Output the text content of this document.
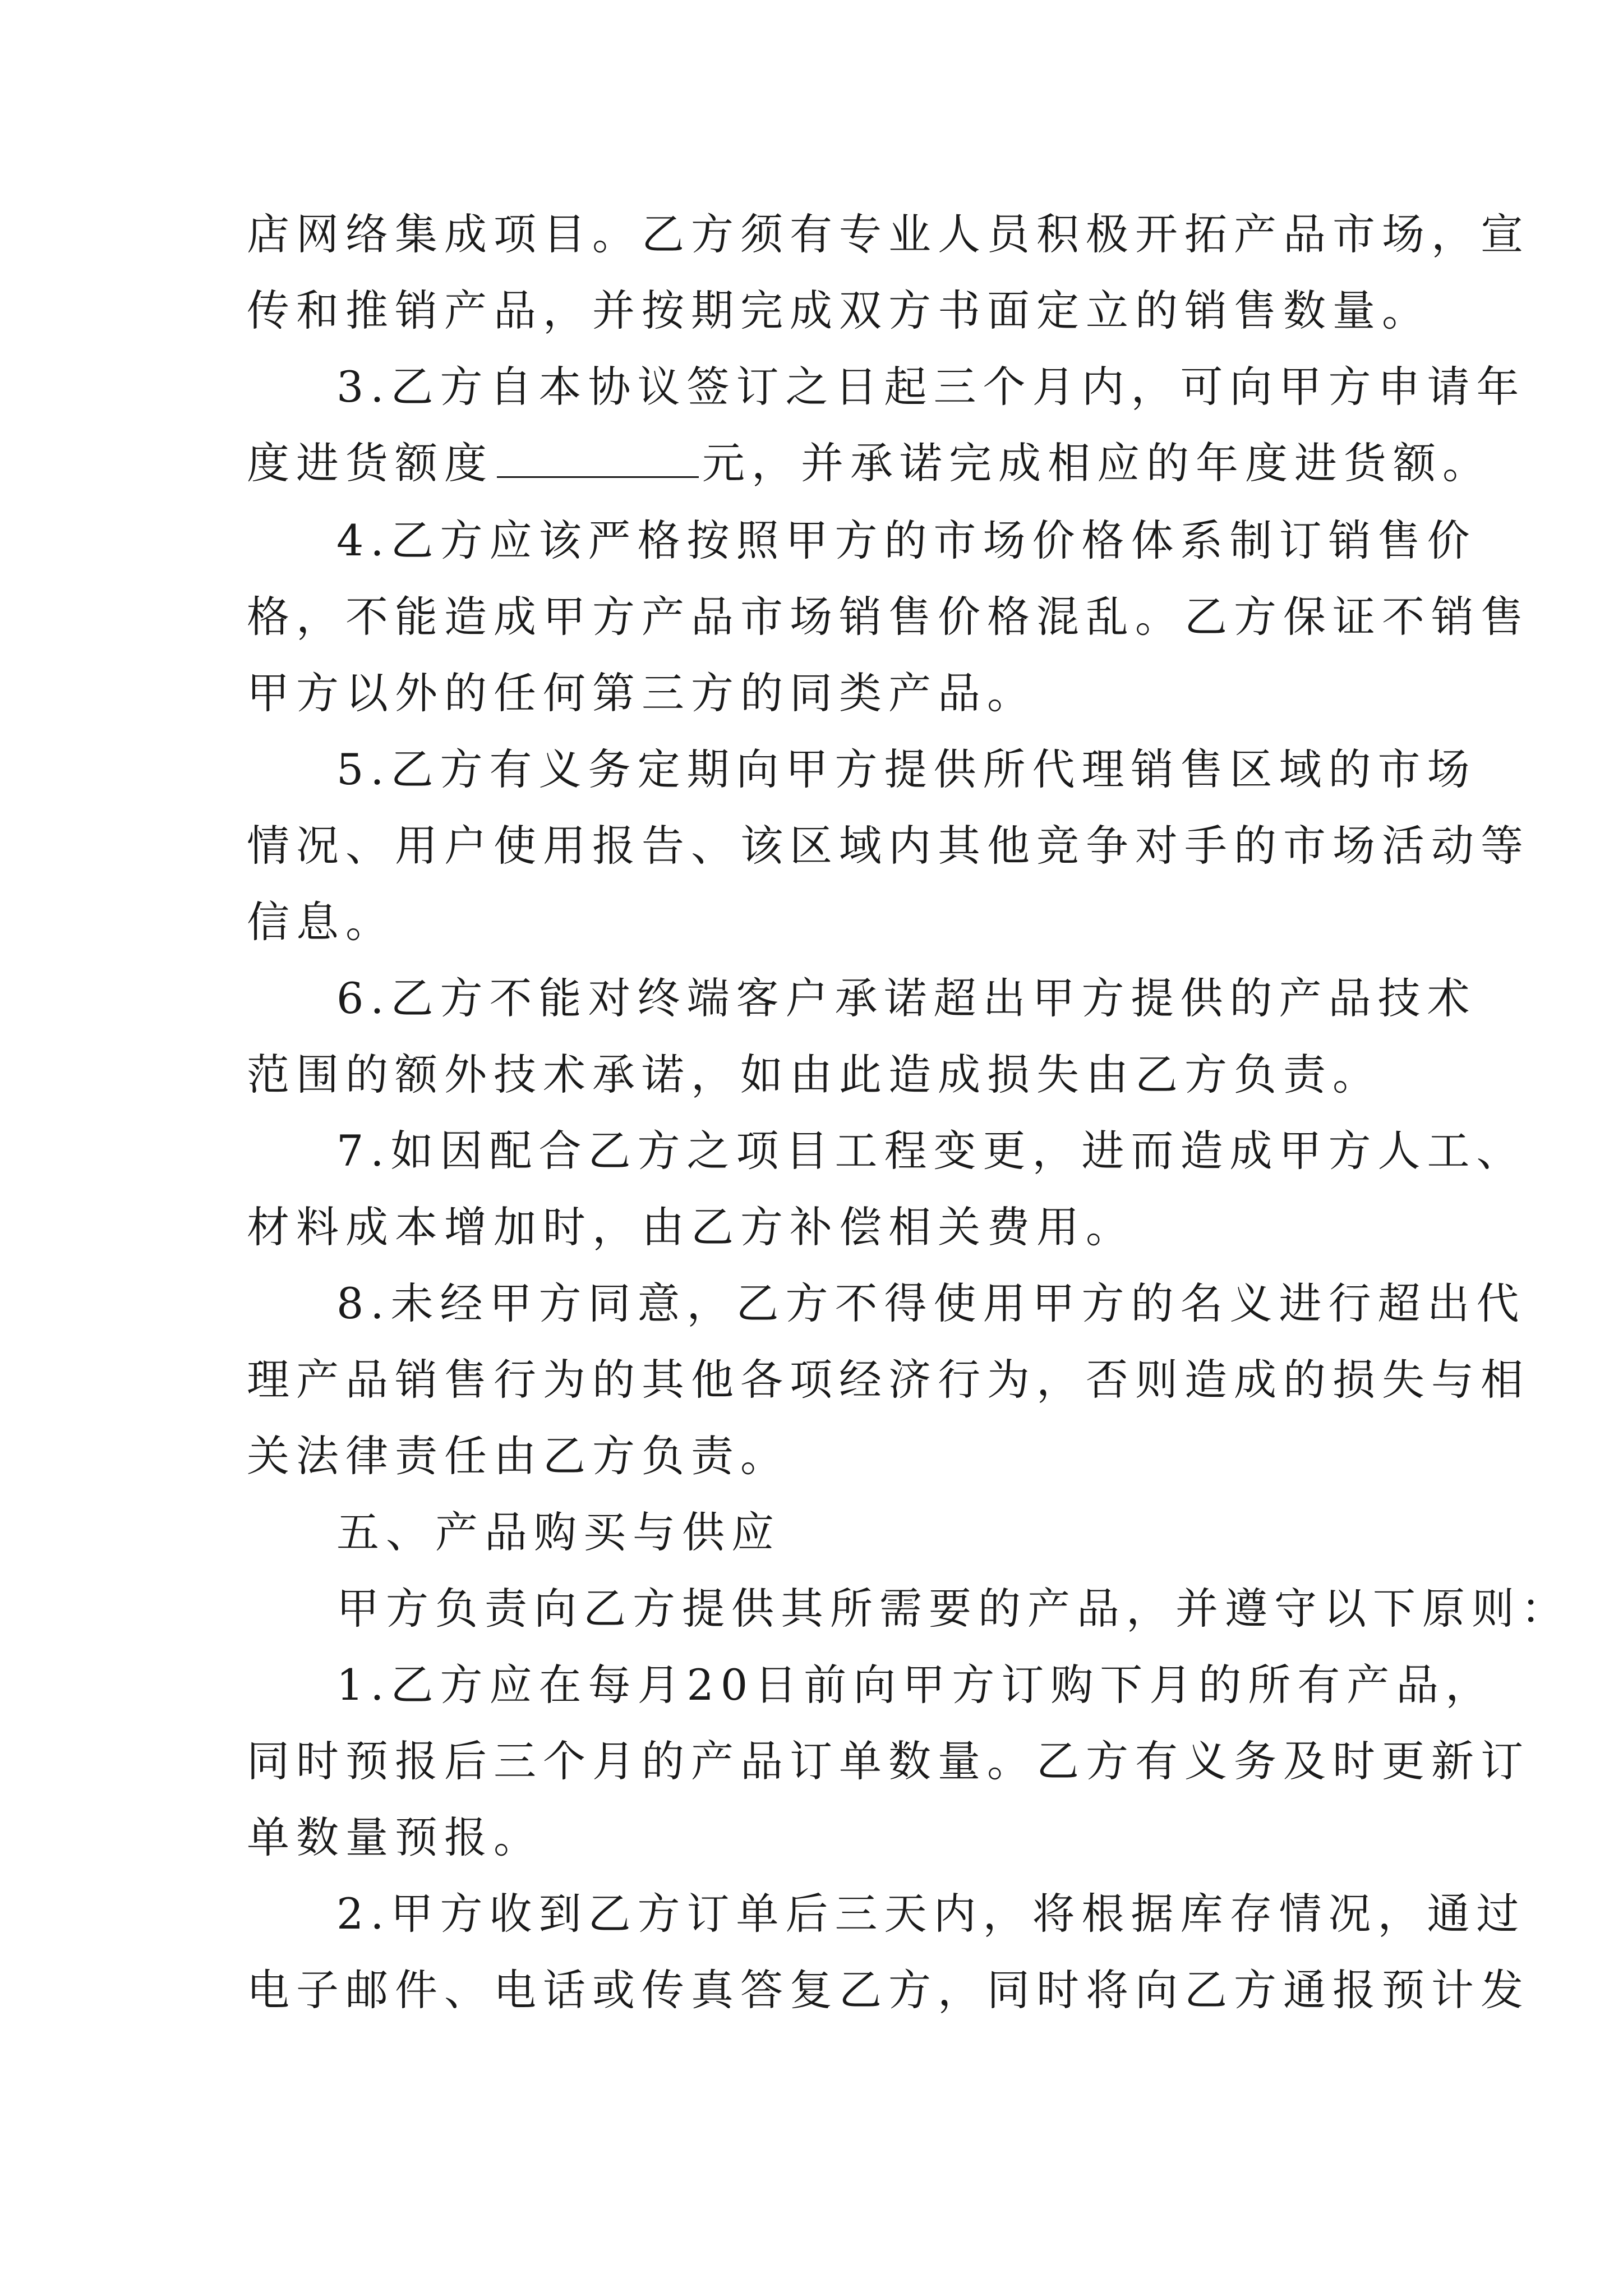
店网络集成项目。乙方须有专业人员积极开拓产品市场，宣
传和推销产品，并按期完成双方书面定立的销售数量。
3.乙方自本协议签订之日起三个月内，可向甲方申请年
度进货额度	元，并承诺完成相应的年度进货额。
4.乙方应该严格按照甲方的市场价格体系制订销售价
格，不能造成甲方产品市场销售价格混乱。乙方保证不销售
甲方以外的任何第三方的同类产品。
5.乙方有义务定期向甲方提供所代理销售区域的市场
情况、用户使用报告、该区域内其他竞争对手的市场活动等
信息。
6.乙方不能对终端客户承诺超出甲方提供的产品技术
范围的额外技术承诺，如由此造成损失由乙方负责。
7.如因配合乙方之项目工程变更，进而造成甲方人工、
材料成本增加时，由乙方补偿相关费用。
8.未经甲方同意，乙方不得使用甲方的名义进行超出代
理产品销售行为的其他各项经济行为，否则造成的损失与相
关法律责任由乙方负责。
五、产品购买与供应
甲方负责向乙方提供其所需要的产品，并遵守以下原则：
1.乙方应在每月20日前向甲方订购下月的所有产品，
同时预报后三个月的产品订单数量。乙方有义务及时更新订
单数量预报。
2.甲方收到乙方订单后三天内，将根据库存情况，通过
电子邮件、电话或传真答复乙方，同时将向乙方通报预计发
